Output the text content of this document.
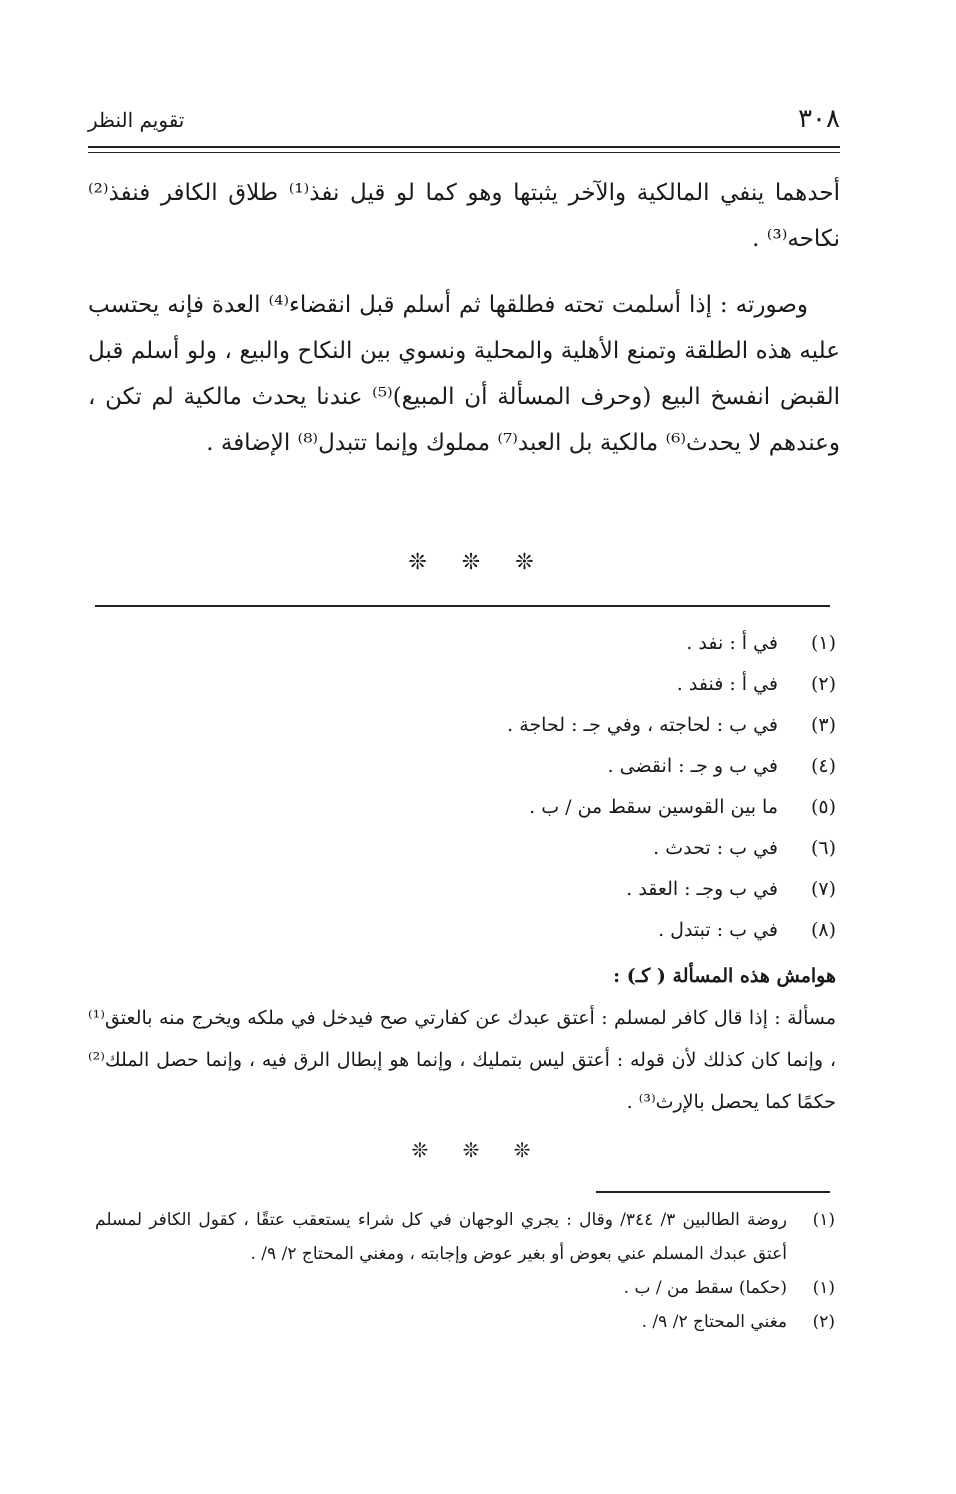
٣٠٨
تقويم النظر

أحدهما ينفي المالكية والآخر يثبتها وهو كما لو قيل نفذ⁽¹⁾ طلاق الكافر فنفذ⁽²⁾ نكاحه⁽³⁾ .

وصورته : إذا أسلمت تحته فطلقها ثم أسلم قبل انقضاء⁽⁴⁾ العدة فإنه يحتسب عليه هذه الطلقة وتمنع الأهلية والمحلية ونسوي بين النكاح والبيع ، ولو أسلم قبل القبض انفسخ البيع (وحرف المسألة أن المبيع)⁽⁵⁾ عندنا يحدث مالكية لم تكن ، وعندهم لا يحدث⁽⁶⁾ مالكية بل العبد⁽⁷⁾ مملوك وإنما تتبدل⁽⁸⁾ الإضافة .

❊ ❊ ❊
(١)
في أ : نفد .
(٢)
في أ : فنفد .
(٣)
في ب : لحاجته ، وفي جـ : لحاجة .
(٤)
في ب و جـ : انقضى .
(٥)
ما بين القوسين سقط من / ب .
(٦)
في ب : تحدث .
(٧)
في ب وجـ : العقد .
(٨)
في ب : تبتدل .
هوامش هذه المسألة ( كـ) :
مسألة : إذا قال كافر لمسلم : أعتق عبدك عن كفارتي صح فيدخل في ملكه ويخرج منه بالعتق⁽¹⁾ ، وإنما كان كذلك لأن قوله : أعتق ليس بتمليك ، وإنما هو إبطال الرق فيه ، وإنما حصل الملك⁽²⁾ حكمًا كما يحصل بالإرث⁽³⁾ .
❊ ❊ ❊
(١)
روضة الطالبين ٣/ ٣٤٤/ وقال : يجري الوجهان في كل شراء يستعقب عتقًا ، كقول الكافر لمسلم أعتق عبدك المسلم عني بعوض أو بغير عوض وإجابته ، ومغني المحتاج ٢/ ٩/ .
(١)
(حكما) سقط من / ب .
(٢)
مغني المحتاج ٢/ ٩/ .
